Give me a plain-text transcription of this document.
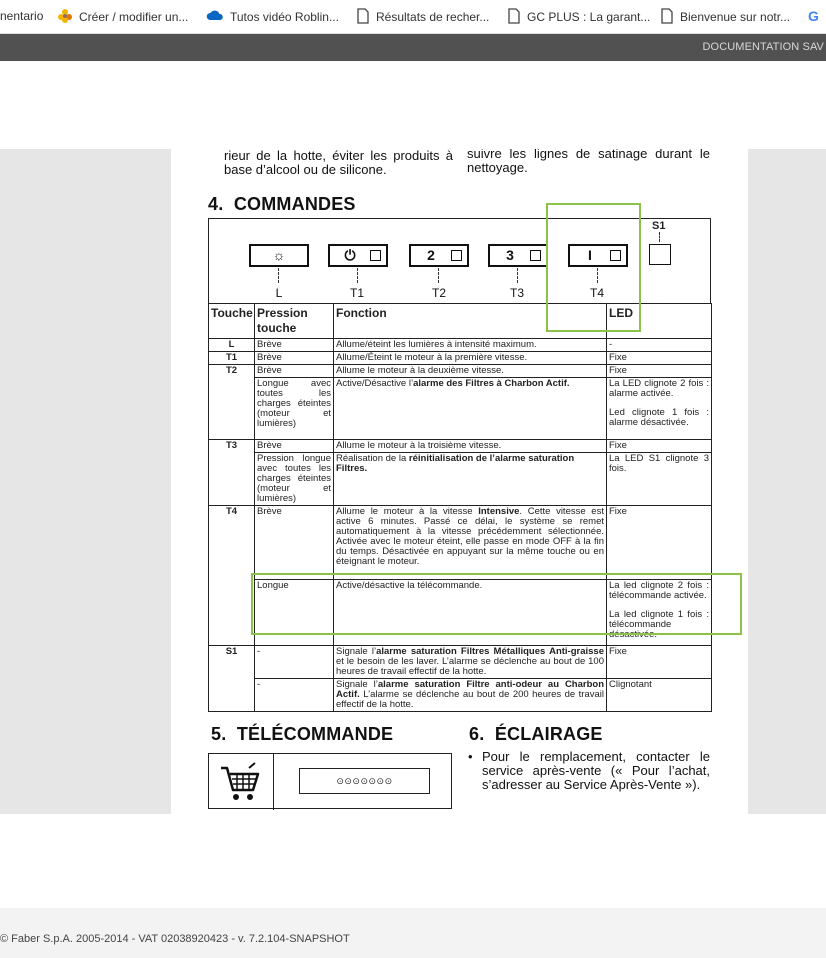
nentario	Créer / modifier un...	Tutos vidéo Roblin...	Résultats de recher...	GC PLUS : La garant...	Bienvenue sur notr... G
DOCUMENTATION SAV
rieur de la hotte, éviter les produits à base d’alcool ou de silicone.
suivre les lignes de satinage durant le nettoyage.
4. COMMANDES
☼
L
⏻
T1
2
T2
3
T3
I
T4
S1
Touche	Pression touche	Fonction	LED
L	Brève	Allume/éteint les lumières à intensité maximum.	-
T1	Brève	Allume/Éteint le moteur à la première vitesse.	Fixe
T2	Brève	Allume le moteur à la deuxième vitesse.	Fixe
	Longue avec toutes les charges éteintes (moteur et lumières)	Active/Désactive l’alarme des Filtres à Charbon Actif.	La LED clignote 2 fois : alarme activée.
Led clignote 1 fois : alarme désactivée.

T3	Brève	Allume le moteur à la troisième vitesse.	Fixe
	Pression longue avec toutes les charges éteintes (moteur et lumières)	Réalisation de la réinitialisation de l’alarme saturation Filtres.	La LED S1 clignote 3 fois.
T4	Brève	Allume le moteur à la vitesse Intensive. Cette vitesse est active 6 minutes. Passé ce délai, le système se remet automatiquement à la vitesse précédemment sélectionnée. Activée avec le moteur éteint, elle passe en mode OFF à la fin du temps. Désactivée en appuyant sur la même touche ou en éteignant le moteur.	Fixe
	Longue	Active/désactive la télécommande.	La led clignote 2 fois : télécommande activée.
La led clignote 1 fois : télécommande désactivée.

S1	-	Signale l’alarme saturation Filtres Métalliques Anti-graisse et le besoin de les laver. L’alarme se déclenche au bout de 100 heures de travail effectif de la hotte.	Fixe
	-	Signale l’alarme saturation Filtre anti-odeur au Charbon Actif. L’alarme se déclenche au bout de 200 heures de travail effectif de la hotte.	Clignotant
5. TÉLÉCOMMANDE
⊙⊙⊙⊙⊙⊙⊙
6. ÉCLAIRAGE
• Pour le remplacement, contacter le service après-vente (« Pour l’achat, s’adresser au Service Après-Vente »).
© Faber S.p.A. 2005-2014 - VAT 02038920423 - v. 7.2.104-SNAPSHOT
